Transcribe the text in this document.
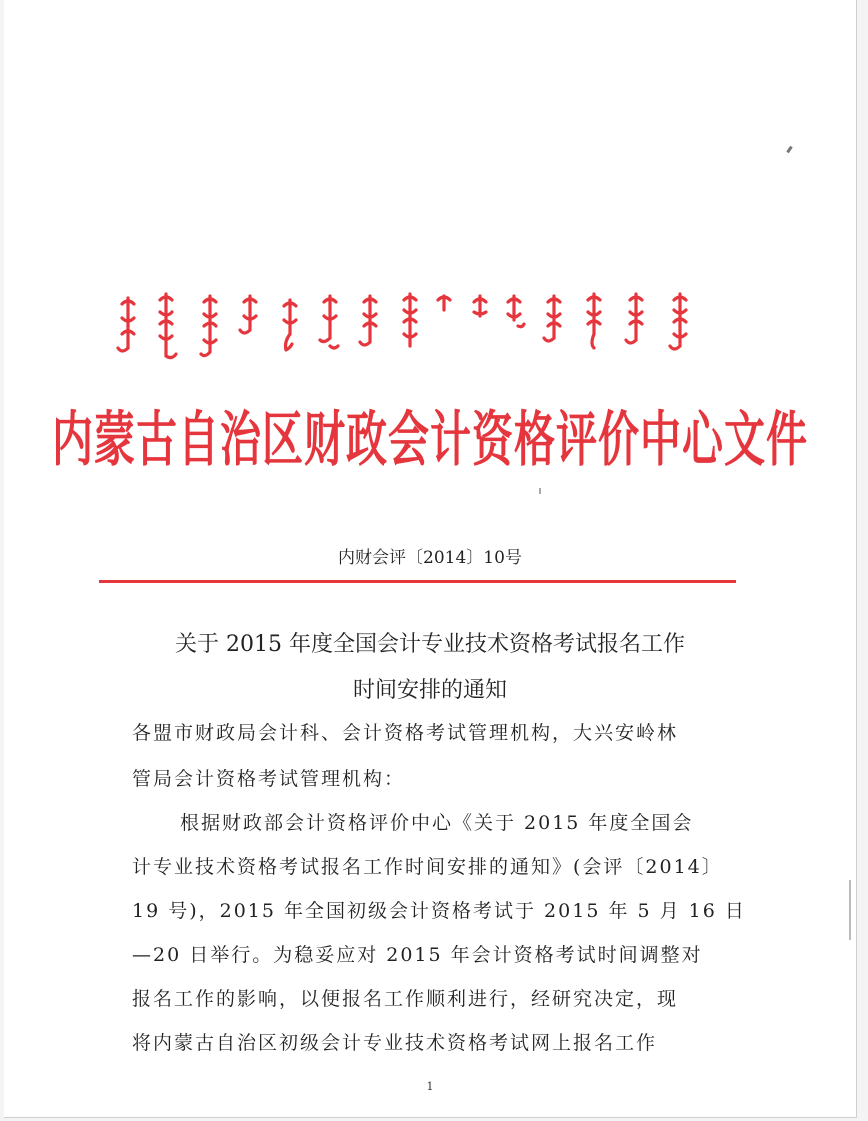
内蒙古自治区财政会计资格评价中心文件
内财会评〔2014〕10号
关于 2015 年度全国会计专业技术资格考试报名工作
时间安排的通知
各盟市财政局会计科、会计资格考试管理机构，大兴安岭林
管局会计资格考试管理机构：
根据财政部会计资格评价中心《关于 2015 年度全国会
计专业技术资格考试报名工作时间安排的通知》(会评〔2014〕
19 号)，2015 年全国初级会计资格考试于 2015 年 5 月 16 日
—20 日举行。为稳妥应对 2015 年会计资格考试时间调整对
报名工作的影响，以便报名工作顺利进行，经研究决定，现
将内蒙古自治区初级会计专业技术资格考试网上报名工作
1
